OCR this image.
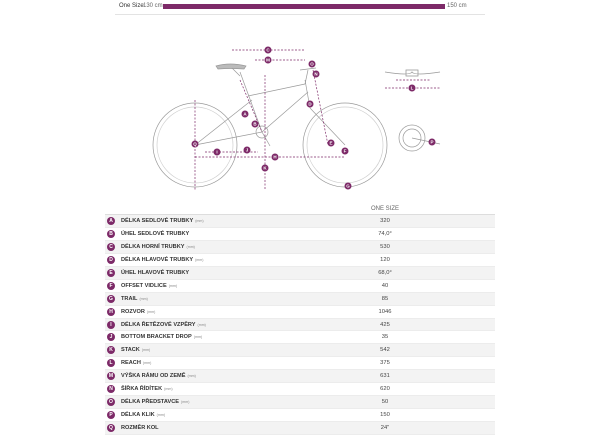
One Size 130 cm	150 cm
C
M
O
N
D
A
B
Q
I	J
K
H
E
F
G
L
P
ONE SIZE
A	DÉLKA SEDLOVÉ TRUBKY (mm)	320
B	ÚHEL SEDLOVÉ TRUBKY	74,0°
C	DÉLKA HORNÍ TRUBKY (mm)	530
D	DÉLKA HLAVOVÉ TRUBKY (mm)	120
E	ÚHEL HLAVOVÉ TRUBKY	68,0°
F	OFFSET VIDLICE (mm)	40
G	TRAIL (mm)	85
H	ROZVOR (mm)	1046
I	DÉLKA ŘETĚZOVÉ VZPĚRY (mm)	425
J	BOTTOM BRACKET DROP (mm)	35
K	STACK (mm)	542
L	REACH (mm)	375
M	VÝŠKA RÁMU OD ZEMĚ (mm)	631
N	ŠÍŘKA ŘÍDÍTEK (mm)	620
O	DÉLKA PŘEDSTAVCE (mm)	50
P	DÉLKA KLIK (mm)	150
Q	ROZMĚR KOL	24"
